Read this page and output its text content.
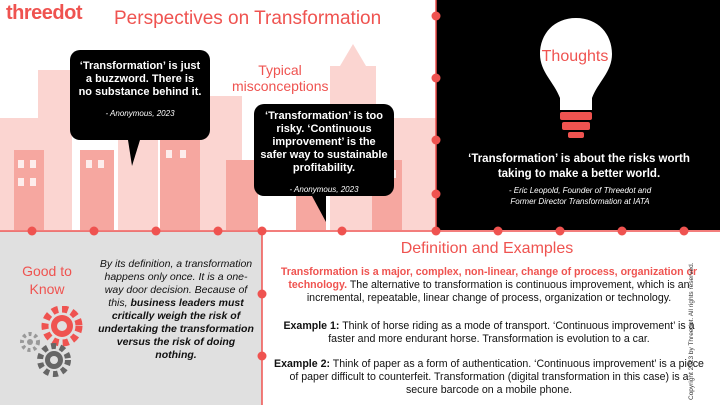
threedot Perspectives on Transformation
Typical misconceptions
‘Transformation’ is just a buzzword. There is no substance behind it.
- Anonymous, 2023	‘Transformation’ is too risky. ‘Continuous improvement’ is the safer way to sustainable profitability.
- Anonymous, 2023
Thoughts
‘Transformation’ is about the risks worth taking to make a better world.
- Eric Leopold, Founder of Threedot and
Former Director Transformation at IATA
Good to Know
By its definition, a transformation happens only once. It is a one-way door decision. Because of this, business leaders must critically weigh the risk of undertaking the transformation versus the risk of doing nothing.
Definition and Examples
Transformation is a major, complex, non-linear, change of process, organization or technology. The alternative to transformation is continuous improvement, which is an incremental, repeatable, linear change of process, organization or technology.
Example 1: Think of horse riding as a mode of transport. ‘Continuous improvement’ is a faster and more endurant horse. Transformation is evolution to a car.
Example 2: Think of paper as a form of authentication. ‘Continuous improvement’ is a piece of paper difficult to counterfeit. Transformation (digital transformation in this case) is a secure barcode on a mobile phone.	Copyright 2023 by Threedot. All rights reserved.
